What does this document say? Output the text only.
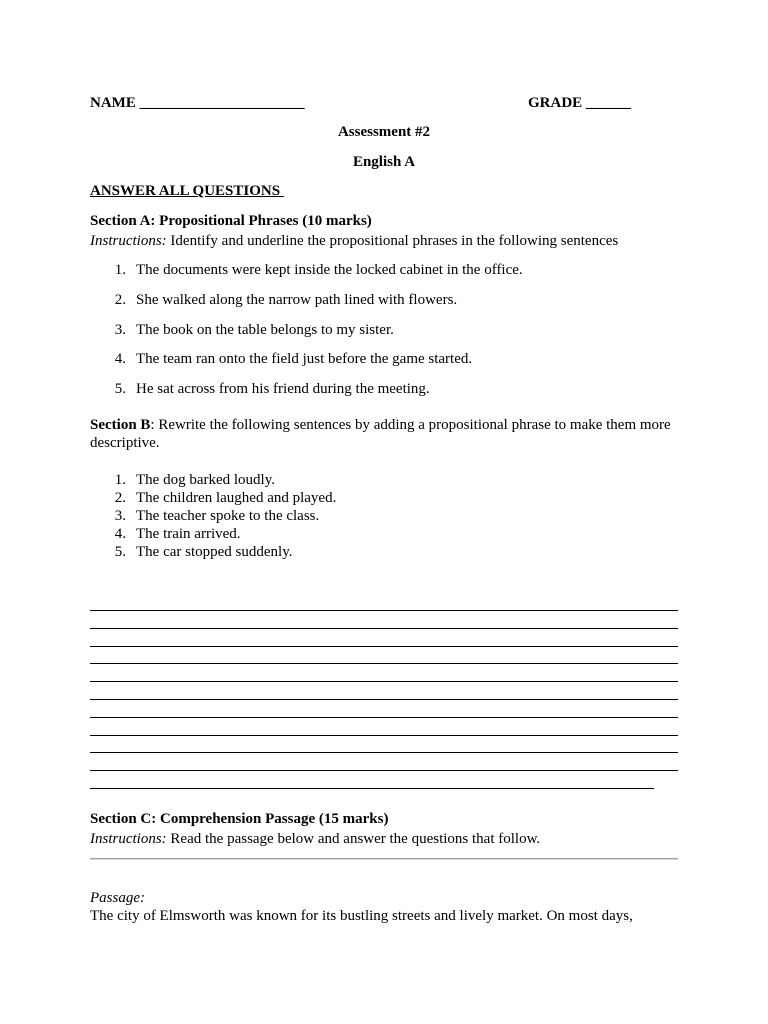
NAME ______________________	GRADE ______
Assessment #2
English A
ANSWER ALL QUESTIONS
Section A: Propositional Phrases (10 marks)
Instructions: Identify and underline the propositional phrases in the following sentences
1. The documents were kept inside the locked cabinet in the office.
2. She walked along the narrow path lined with flowers.
3. The book on the table belongs to my sister.
4. The team ran onto the field just before the game started.
5. He sat across from his friend during the meeting.
Section B: Rewrite the following sentences by adding a propositional phrase to make them more descriptive.
1. The dog barked loudly.
2. The children laughed and played.
3. The teacher spoke to the class.
4. The train arrived.
5. The car stopped suddenly.
Section C: Comprehension Passage (15 marks)
Instructions: Read the passage below and answer the questions that follow.
Passage:
The city of Elmsworth was known for its bustling streets and lively market. On most days,
